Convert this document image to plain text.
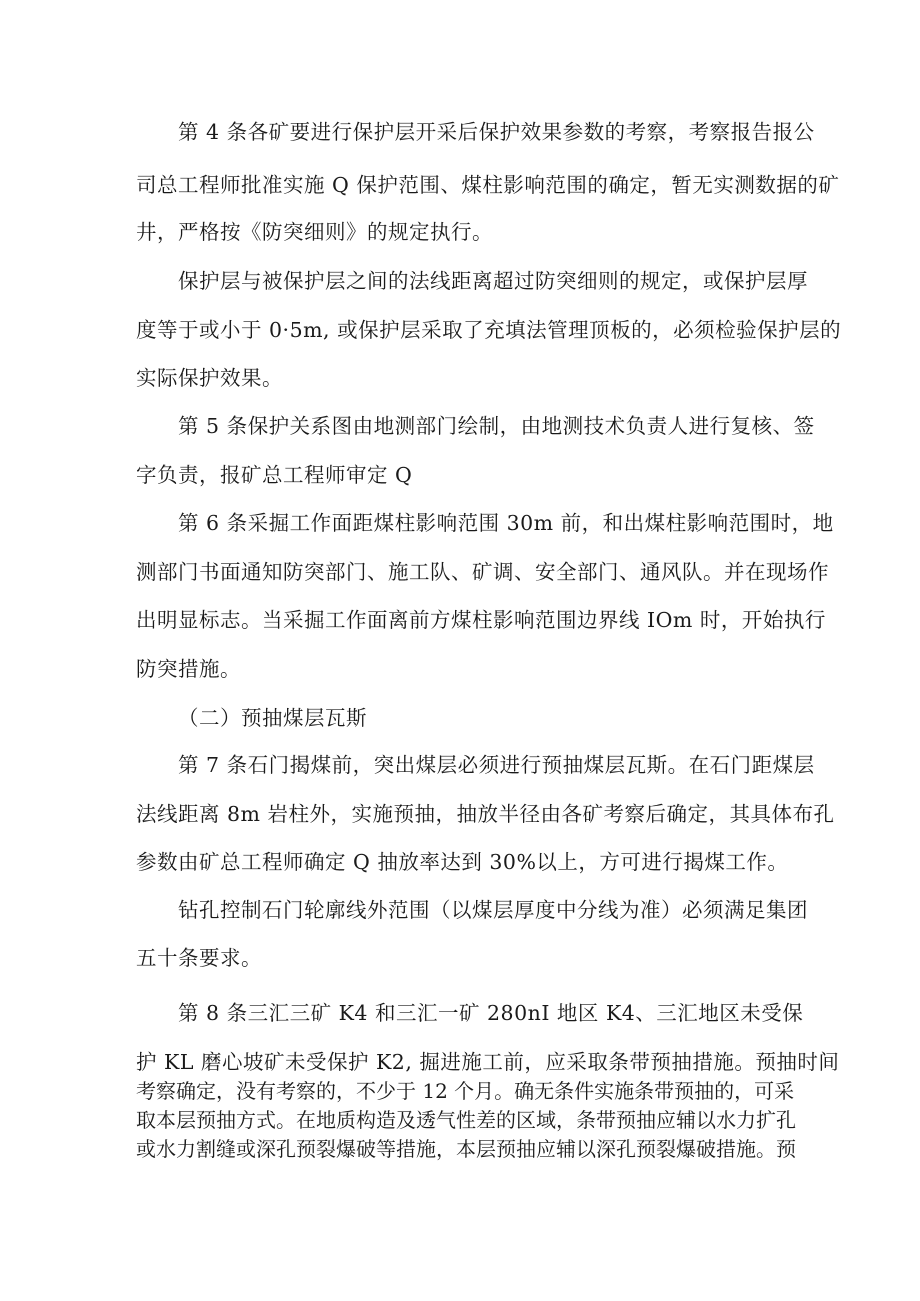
第 4 条各矿要进行保护层开采后保护效果参数的考察，考察报告报公

司总工程师批准实施 Q 保护范围、煤柱影响范围的确定，暂无实测数据的矿

井，严格按《防突细则》的规定执行。

保护层与被保护层之间的法线距离超过防突细则的规定，或保护层厚

度等于或小于 0·5m, 或保护层采取了充填法管理顶板的，必须检验保护层的

实际保护效果。

第 5 条保护关系图由地测部门绘制，由地测技术负责人进行复核、签

字负责，报矿总工程师审定 Q

第 6 条采掘工作面距煤柱影响范围 30m 前，和出煤柱影响范围时，地

测部门书面通知防突部门、施工队、矿调、安全部门、通风队。并在现场作

出明显标志。当采掘工作面离前方煤柱影响范围边界线 IOm 时，开始执行

防突措施。

（二）预抽煤层瓦斯

第 7 条石门揭煤前，突出煤层必须进行预抽煤层瓦斯。在石门距煤层

法线距离 8m 岩柱外，实施预抽，抽放半径由各矿考察后确定，其具体布孔

参数由矿总工程师确定 Q 抽放率达到 30%以上，方可进行揭煤工作。

钻孔控制石门轮廓线外范围（以煤层厚度中分线为准）必须满足集团

五十条要求。

第 8 条三汇三矿 K4 和三汇一矿 280nI 地区 K4、三汇地区未受保

护 KL 磨心坡矿未受保护 K2, 掘进施工前，应采取条带预抽措施。预抽时间

考察确定，没有考察的，不少于 12 个月。确无条件实施条带预抽的，可采

取本层预抽方式。在地质构造及透气性差的区域，条带预抽应辅以水力扩孔

或水力割缝或深孔预裂爆破等措施，本层预抽应辅以深孔预裂爆破措施。预
